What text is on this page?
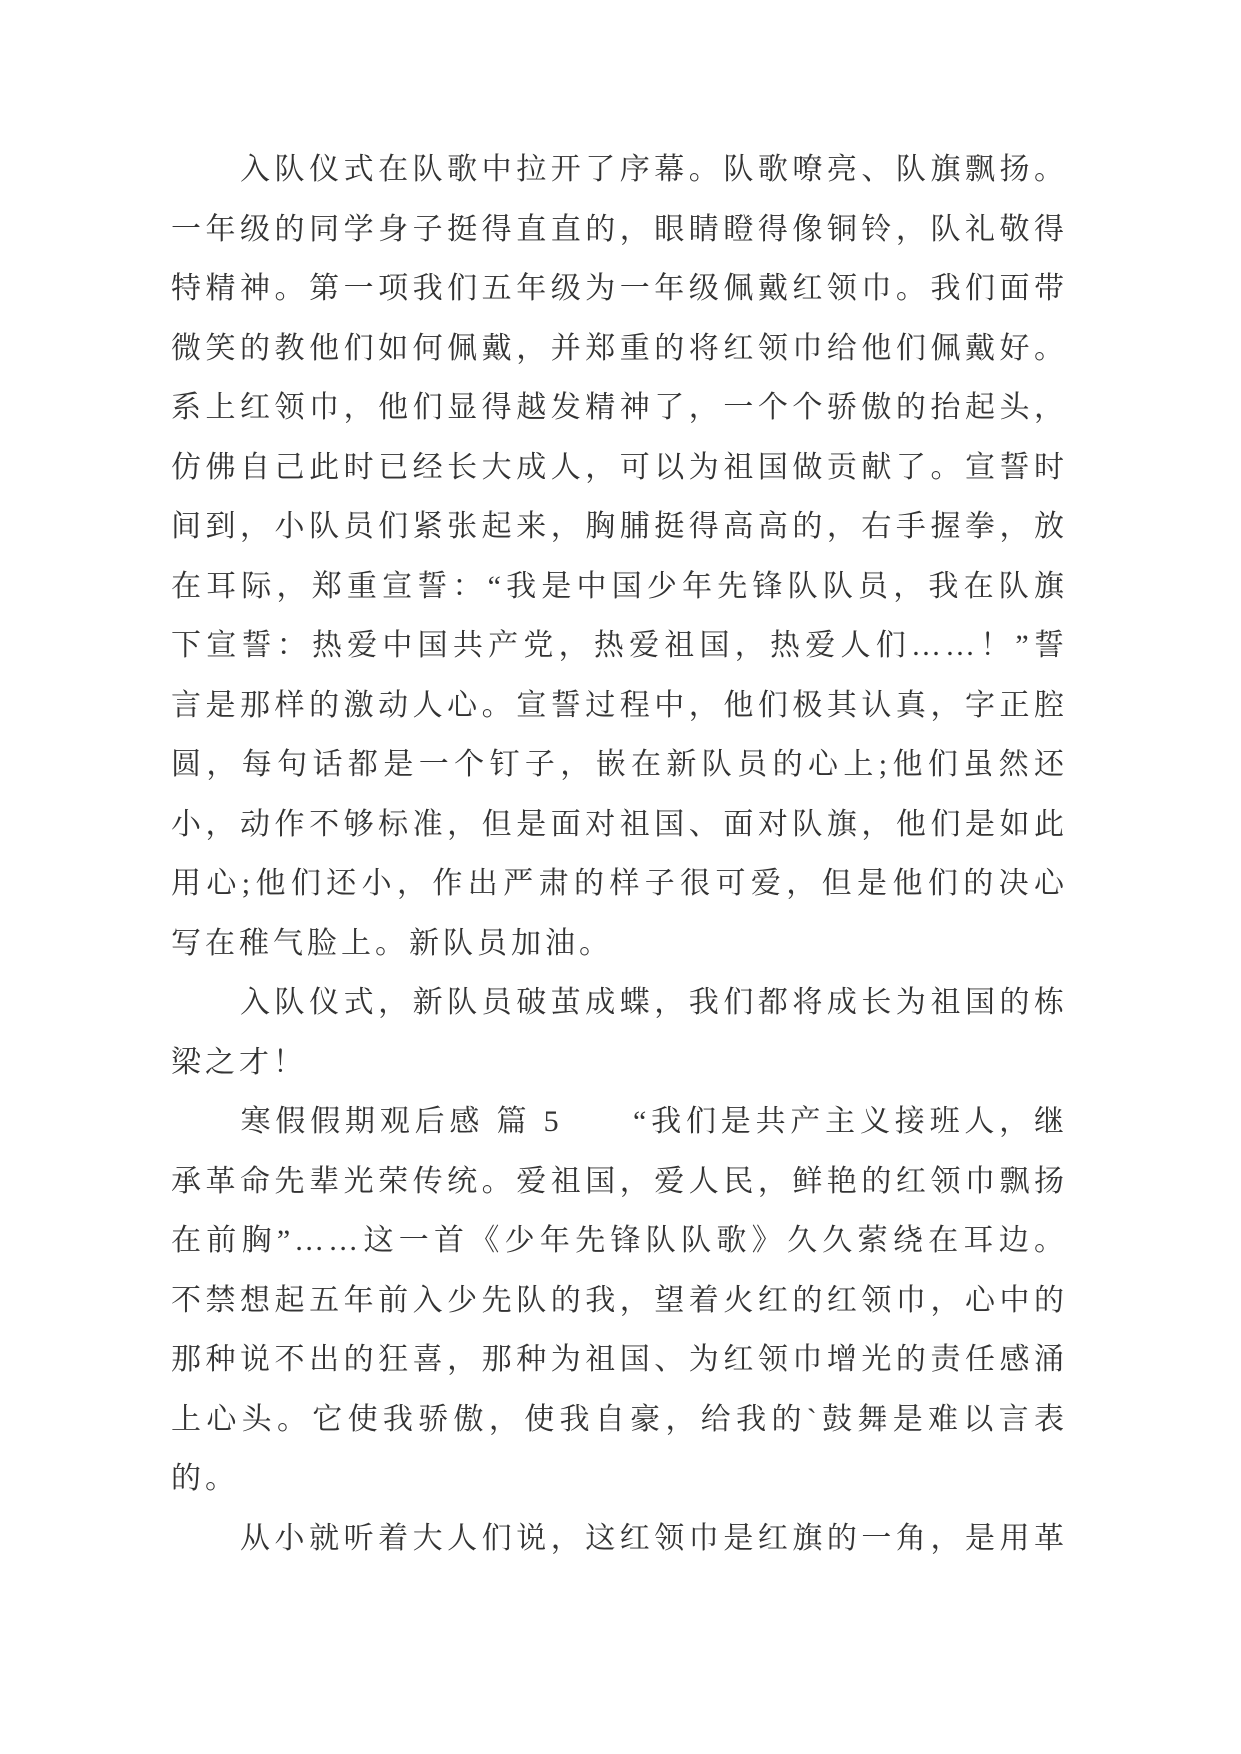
　　入队仪式在队歌中拉开了序幕。队歌嘹亮、队旗飘扬。

一年级的同学身子挺得直直的，眼睛瞪得像铜铃，队礼敬得

特精神。第一项我们五年级为一年级佩戴红领巾。我们面带

微笑的教他们如何佩戴，并郑重的将红领巾给他们佩戴好。

系上红领巾，他们显得越发精神了，一个个骄傲的抬起头，

仿佛自己此时已经长大成人，可以为祖国做贡献了。宣誓时

间到，小队员们紧张起来，胸脯挺得高高的，右手握拳，放

在耳际，郑重宣誓：“我是中国少年先锋队队员，我在队旗

下宣誓：热爱中国共产党，热爱祖国，热爱人们……！”誓

言是那样的激动人心。宣誓过程中，他们极其认真，字正腔

圆，每句话都是一个钉子，嵌在新队员的心上;他们虽然还

小，动作不够标准，但是面对祖国、面对队旗，他们是如此

用心;他们还小，作出严肃的样子很可爱，但是他们的决心

写在稚气脸上。新队员加油。

　　入队仪式，新队员破茧成蝶，我们都将成长为祖国的栋

梁之才！

　　寒假假期观后感 篇 5　　“我们是共产主义接班人，继

承革命先辈光荣传统。爱祖国，爱人民，鲜艳的红领巾飘扬

在前胸”……这一首《少年先锋队队歌》久久萦绕在耳边。

不禁想起五年前入少先队的我，望着火红的红领巾，心中的

那种说不出的狂喜，那种为祖国、为红领巾增光的责任感涌

上心头。它使我骄傲，使我自豪，给我的`鼓舞是难以言表

的。

　　从小就听着大人们说，这红领巾是红旗的一角，是用革
